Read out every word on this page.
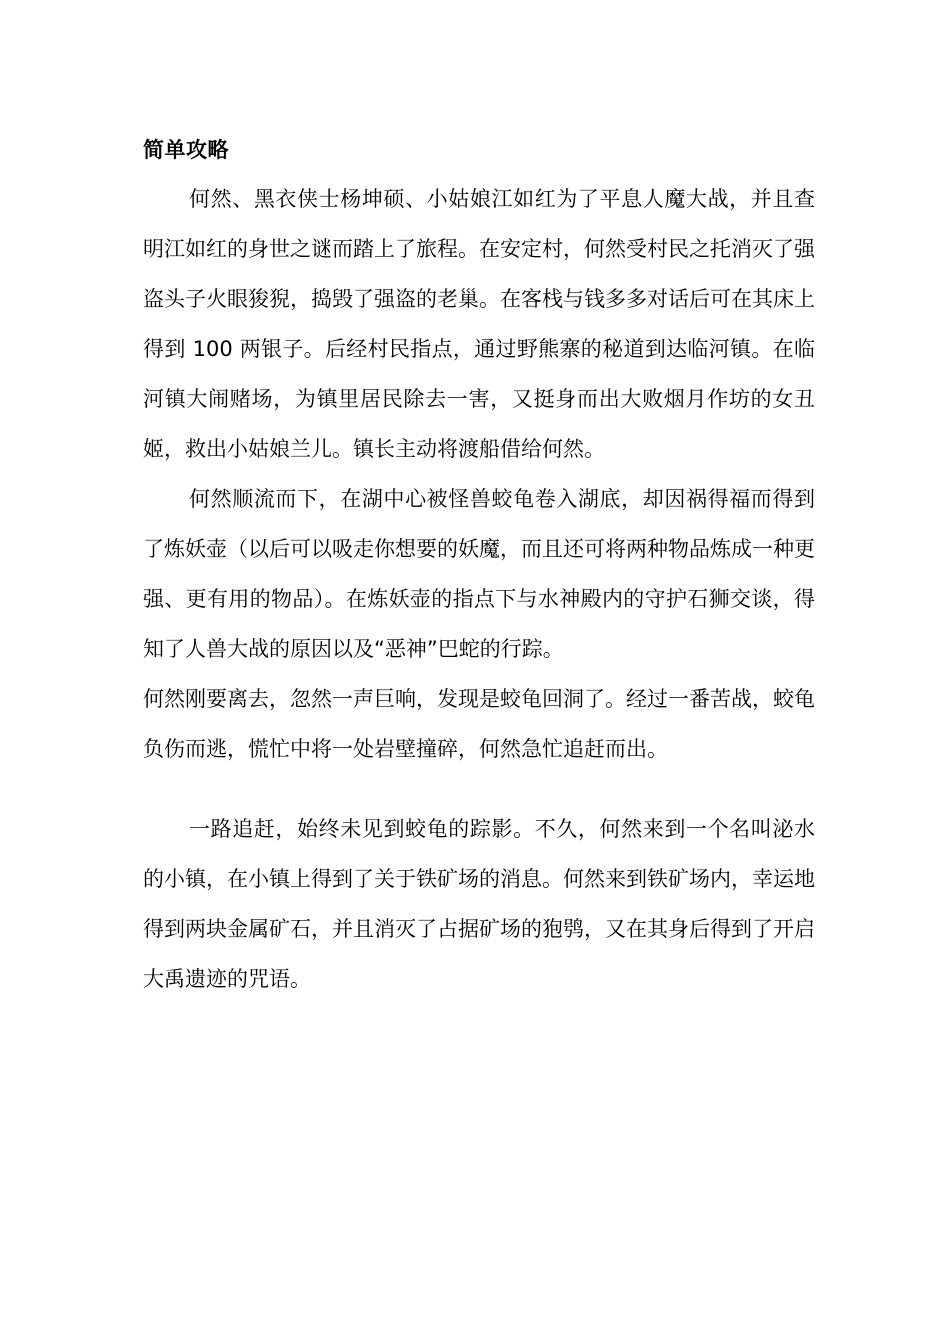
简单攻略

何然、黑衣侠士杨坤硕、小姑娘江如红为了平息人魔大战，并且查明江如红的身世之谜而踏上了旅程。在安定村，何然受村民之托消灭了强盗头子火眼狻猊，捣毁了强盗的老巢。在客栈与钱多多对话后可在其床上得到 100 两银子。后经村民指点，通过野熊寨的秘道到达临河镇。在临河镇大闹赌场，为镇里居民除去一害，又挺身而出大败烟月作坊的女丑姬，救出小姑娘兰儿。镇长主动将渡船借给何然。

何然顺流而下，在湖中心被怪兽蛟龟卷入湖底，却因祸得福而得到了炼妖壶（以后可以吸走你想要的妖魔，而且还可将两种物品炼成一种更强、更有用的物品）。在炼妖壶的指点下与水神殿内的守护石狮交谈，得知了人兽大战的原因以及“恶神”巴蛇的行踪。

何然刚要离去，忽然一声巨响，发现是蛟龟回洞了。经过一番苦战，蛟龟负伤而逃，慌忙中将一处岩壁撞碎，何然急忙追赶而出。

一路追赶，始终未见到蛟龟的踪影。不久，何然来到一个名叫泌水的小镇，在小镇上得到了关于铁矿场的消息。何然来到铁矿场内，幸运地得到两块金属矿石，并且消灭了占据矿场的狍鸮，又在其身后得到了开启大禹遗迹的咒语。
